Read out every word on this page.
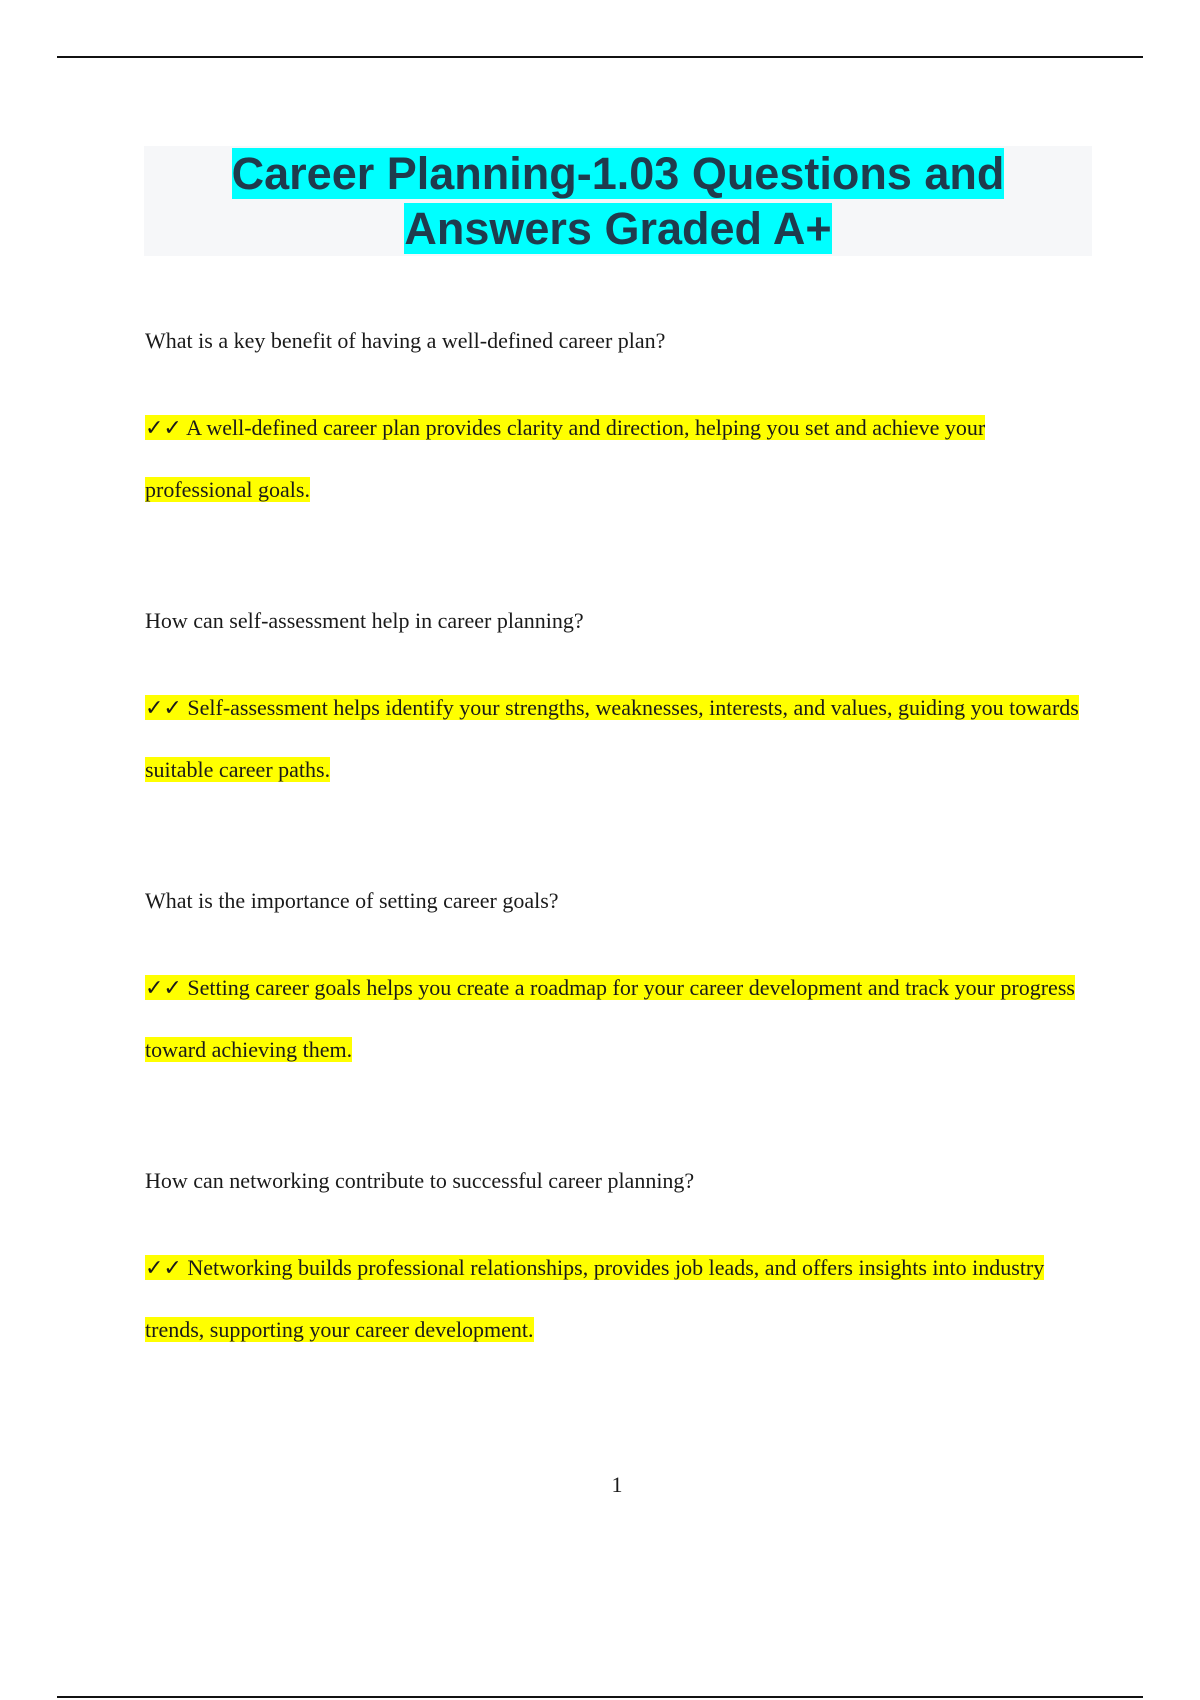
Career Planning-1.03 Questions and Answers Graded A+

What is a key benefit of having a well-defined career plan?

✓✓ A well-defined career plan provides clarity and direction, helping you set and achieve your professional goals.

How can self-assessment help in career planning?

✓✓ Self-assessment helps identify your strengths, weaknesses, interests, and values, guiding you towards suitable career paths.

What is the importance of setting career goals?

✓✓ Setting career goals helps you create a roadmap for your career development and track your progress toward achieving them.

How can networking contribute to successful career planning?

✓✓ Networking builds professional relationships, provides job leads, and offers insights into industry trends, supporting your career development.

1
